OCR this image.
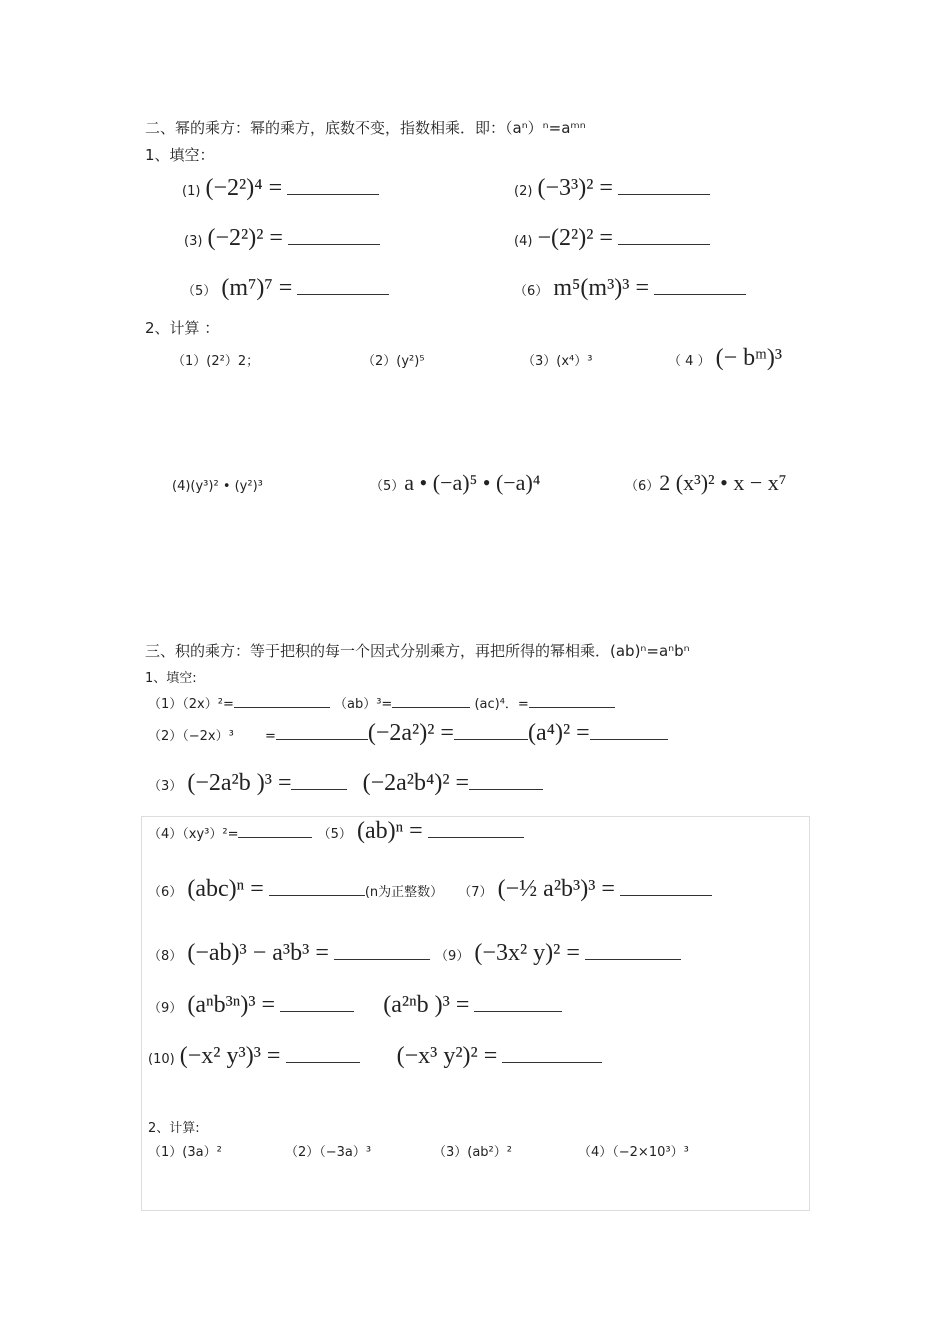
二、幂的乘方：幂的乘方，底数不变，指数相乘．即：（aⁿ）ⁿ=aᵐⁿ
1、填空：
(1) (−2²)⁴ =	(2) (−3³)² =
(3) (−2²)² =	(4) −(2²)² =
（5） (m⁷)⁷ =	（6） m⁵(m³)³ =
2、计算 ：
（1）(2²）2；	（2）(y²)⁵	（3）(x⁴）³	（ 4 ） (− bᵐ)³
(4)(y³)² • (y²)³	（5）a • (−a)⁵ • (−a)⁴	（6）2 (x³)² • x − x⁷
三、积的乘方：等于把积的每一个因式分别乘方，再把所得的幂相乘．(ab)ⁿ=aⁿbⁿ
1、填空:
（1）（2x）²=	（ab）³=	(ac)⁴．=
（2）（−2x）³ =	(−2a²)² =	(a⁴)² =
（3） (−2a²b )³ =	(−2a²b⁴)² =
（4）（xy³）²=	（5） (ab)ⁿ =
（6） (abc)ⁿ =	(n为正整数） （7） (−½ a²b³)³ =
（8） (−ab)³ − a³b³ =	（9） (−3x² y)² =
（9） (aⁿb³ⁿ)³ =	(a²ⁿb )³ =
(10) (−x² y³)³ =	(−x³ y²)² =
2、计算:
（1）(3a）²	（2）（−3a）³	（3）(ab²）²	（4）（−2×10³）³
